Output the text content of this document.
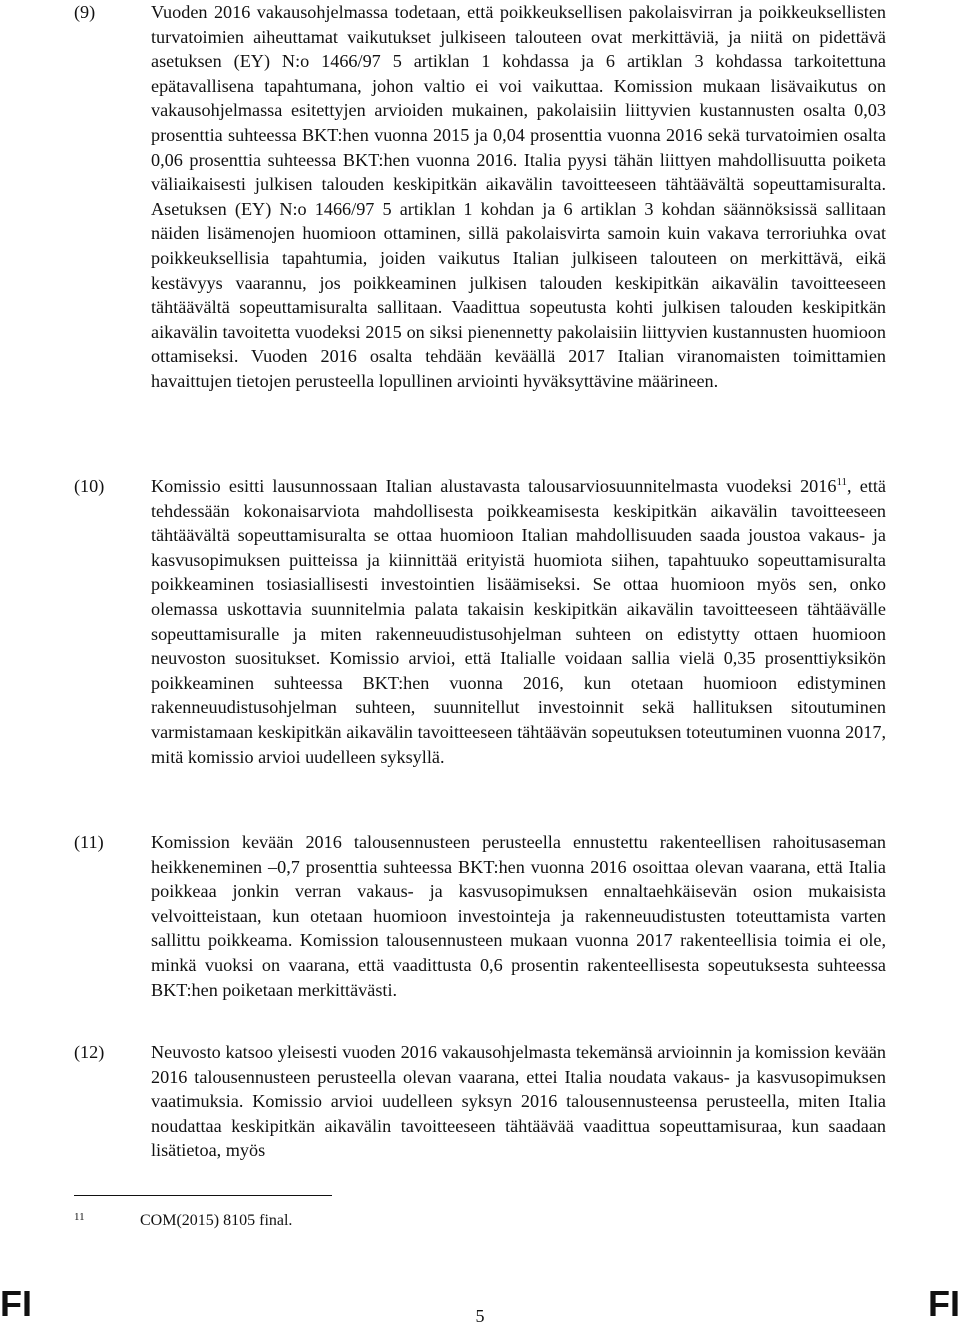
(9)	Vuoden 2016 vakausohjelmassa todetaan, että poikkeuksellisen pakolaisvirran ja poikkeuksellisten turvatoimien aiheuttamat vaikutukset julkiseen talouteen ovat merkittäviä, ja niitä on pidettävä asetuksen (EY) N:o 1466/97 5 artiklan 1 kohdassa ja 6 artiklan 3 kohdassa tarkoitettuna epätavallisena tapahtumana, johon valtio ei voi vaikuttaa. Komission mukaan lisävaikutus on vakausohjelmassa esitettyjen arvioiden mukainen, pakolaisiin liittyvien kustannusten osalta 0,03 prosenttia suhteessa BKT:hen vuonna 2015 ja 0,04 prosenttia vuonna 2016 sekä turvatoimien osalta 0,06 prosenttia suhteessa BKT:hen vuonna 2016. Italia pyysi tähän liittyen mahdollisuutta poiketa väliaikaisesti julkisen talouden keskipitkän aikavälin tavoitteeseen tähtäävältä sopeuttamisuralta. Asetuksen (EY) N:o 1466/97 5 artiklan 1 kohdan ja 6 artiklan 3 kohdan säännöksissä sallitaan näiden lisämenojen huomioon ottaminen, sillä pakolaisvirta samoin kuin vakava terroriuhka ovat poikkeuksellisia tapahtumia, joiden vaikutus Italian julkiseen talouteen on merkittävä, eikä kestävyys vaarannu, jos poikkeaminen julkisen talouden keskipitkän aikavälin tavoitteeseen tähtäävältä sopeuttamisuralta sallitaan. Vaadittua sopeutusta kohti julkisen talouden keskipitkän aikavälin tavoitetta vuodeksi 2015 on siksi pienennetty pakolaisiin liittyvien kustannusten huomioon ottamiseksi. Vuoden 2016 osalta tehdään keväällä 2017 Italian viranomaisten toimittamien havaittujen tietojen perusteella lopullinen arviointi hyväksyttävine määrineen.
(10)	Komissio esitti lausunnossaan Italian alustavasta talousarviosuunnitelmasta vuodeksi 2016$^{11}$, että tehdessään kokonaisarviota mahdollisesta poikkeamisesta keskipitkän aikavälin tavoitteeseen tähtäävältä sopeuttamisuralta se ottaa huomioon Italian mahdollisuuden saada joustoa vakaus- ja kasvusopimuksen puitteissa ja kiinnittää erityistä huomiota siihen, tapahtuuko sopeuttamisuralta poikkeaminen tosiasiallisesti investointien lisäämiseksi. Se ottaa huomioon myös sen, onko olemassa uskottavia suunnitelmia palata takaisin keskipitkän aikavälin tavoitteeseen tähtäävälle sopeuttamisuralle ja miten rakenneuudistusohjelman suhteen on edistytty ottaen huomioon neuvoston suositukset. Komissio arvioi, että Italialle voidaan sallia vielä 0,35 prosenttiyksikön poikkeaminen suhteessa BKT:hen vuonna 2016, kun otetaan huomioon edistyminen rakenneuudistusohjelman suhteen, suunnitellut investoinnit sekä hallituksen sitoutuminen varmistamaan keskipitkän aikavälin tavoitteeseen tähtäävän sopeutuksen toteutuminen vuonna 2017, mitä komissio arvioi uudelleen syksyllä.
(11)	Komission kevään 2016 talousennusteen perusteella ennustettu rakenteellisen rahoitusaseman heikkeneminen –0,7 prosenttia suhteessa BKT:hen vuonna 2016 osoittaa olevan vaarana, että Italia poikkeaa jonkin verran vakaus- ja kasvusopimuksen ennaltaehkäisevän osion mukaisista velvoitteistaan, kun otetaan huomioon investointeja ja rakenneuudistusten toteuttamista varten sallittu poikkeama. Komission talousennusteen mukaan vuonna 2017 rakenteellisia toimia ei ole, minkä vuoksi on vaarana, että vaadittusta 0,6 prosentin rakenteellisesta sopeutuksesta suhteessa BKT:hen poiketaan merkittävästi.
(12)	Neuvosto katsoo yleisesti vuoden 2016 vakausohjelmasta tekemänsä arvioinnin ja komission kevään 2016 talousennusteen perusteella olevan vaarana, ettei Italia noudata vakaus- ja kasvusopimuksen vaatimuksia. Komissio arvioi uudelleen syksyn 2016 talousennusteensa perusteella, miten Italia noudattaa keskipitkän aikavälin tavoitteeseen tähtäävää vaadittua sopeuttamisuraa, kun saadaan lisätietoa, myös
11	COM(2015) 8105 final.
FI	5	FI
